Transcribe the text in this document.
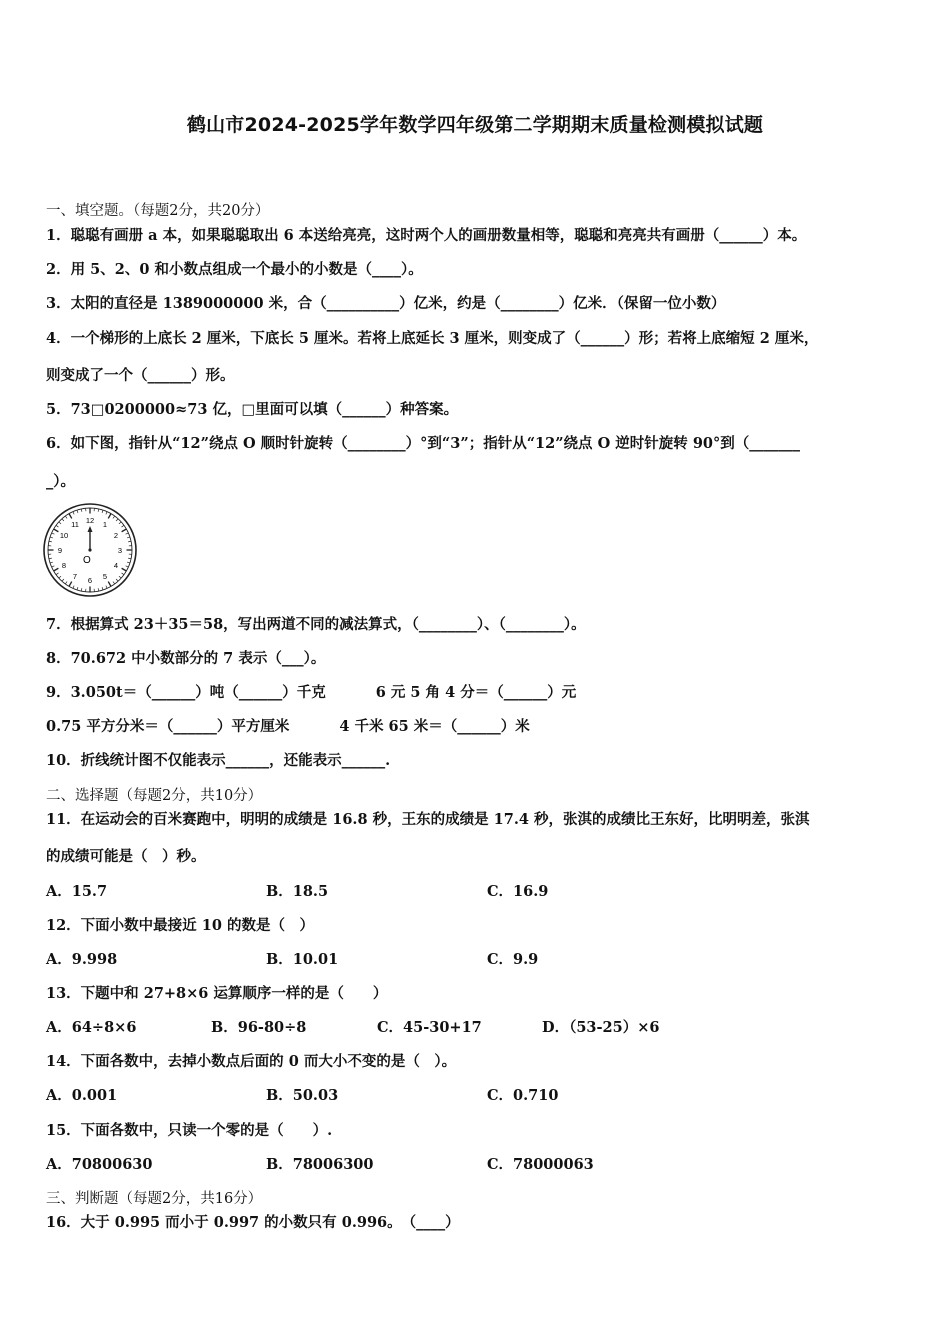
鹤山市2024-2025学年数学四年级第二学期期末质量检测模拟试题
一、填空题。（每题2分，共20分）
1．聪聪有画册 a 本，如果聪聪取出 6 本送给亮亮，这时两个人的画册数量相等，聪聪和亮亮共有画册（______）本。
2．用 5、2、0 和小数点组成一个最小的小数是（____）。
3．太阳的直径是 1389000000 米，合（__________）亿米，约是（________）亿米．（保留一位小数）
4．一个梯形的上底长 2 厘米，下底长 5 厘米。若将上底延长 3 厘米，则变成了（______）形；若将上底缩短 2 厘米，
则变成了一个（______）形。
5．73□0200000≈73 亿，□里面可以填（______）种答案。
6．如下图，指针从“12”绕点 O 顺时针旋转（________）°到“3”；指针从“12”绕点 O 逆时针旋转 90°到（_______
_）。
12 1
2
3
4
5
6
7
8
9
10
11
O
7．根据算式 23＋35＝58，写出两道不同的减法算式，（________）、（________）。
8．70.672 中小数部分的 7 表示（___）。
9．3.050t＝（______）吨（______）千克	6 元 5 角 4 分＝（______）元
0.75 平方分米＝（______）平方厘米	4 千米 65 米＝（______）米
10．折线统计图不仅能表示______，还能表示______.
二、选择题（每题2分，共10分）
11．在运动会的百米赛跑中，明明的成绩是 16.8 秒，王东的成绩是 17.4 秒，张淇的成绩比王东好，比明明差，张淇
的成绩可能是（　）秒。
A．15.7	B．18.5	C．16.9
12．下面小数中最接近 10 的数是（　）
A．9.998	B．10.01	C．9.9
13．下题中和 27+8×6 运算顺序一样的是（　　）
A．64÷8×6	B．96-80÷8	C．45-30+17	D．（53-25）×6
14．下面各数中，去掉小数点后面的 0 而大小不变的是（　）。
A．0.001	B．50.03	C．0.710
15．下面各数中，只读一个零的是（　　）.
A．70800630	B．78006300	C．78000063
三、判断题（每题2分，共16分）
16．大于 0.995 而小于 0.997 的小数只有 0.996。　（____）
